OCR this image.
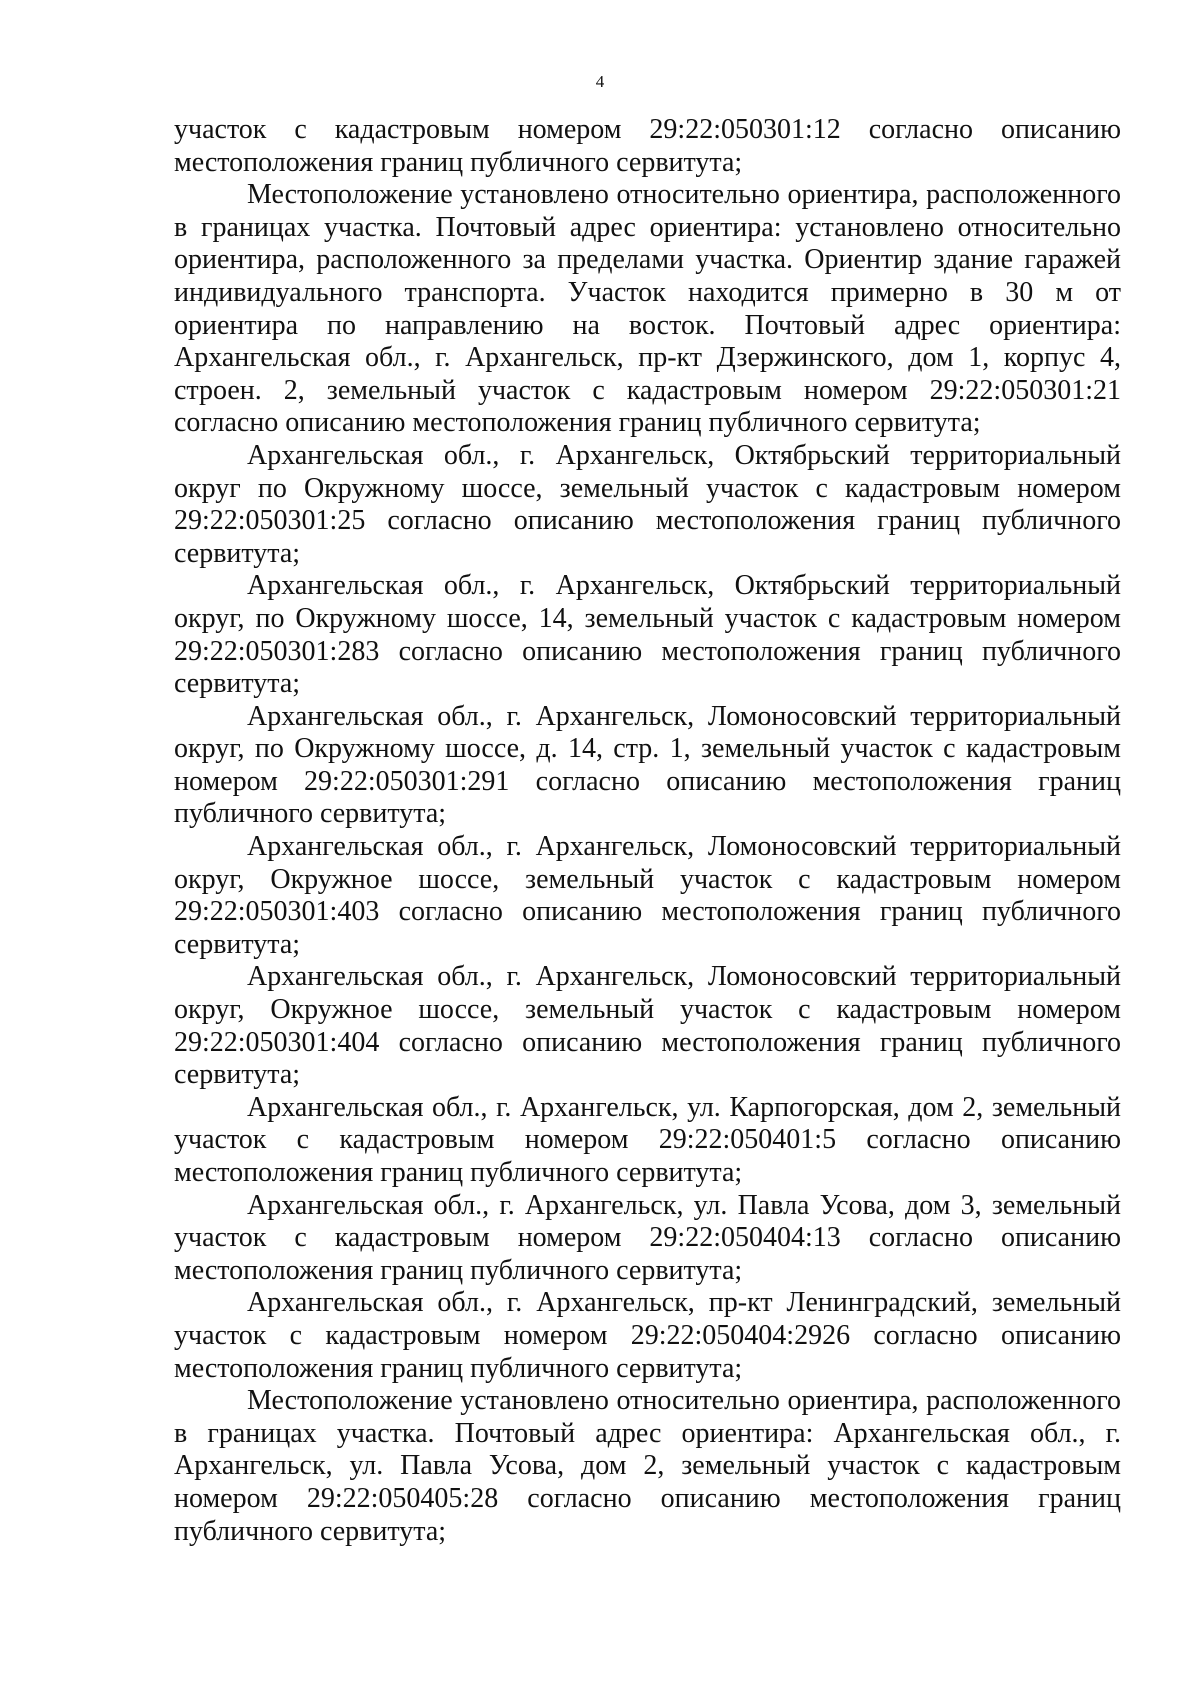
4

участок с кадастровым номером 29:22:050301:12 согласно описанию местоположения границ публичного сервитута;

Местоположение установлено относительно ориентира, расположенного в границах участка. Почтовый адрес ориентира: установлено относительно ориентира, расположенного за пределами участка. Ориентир здание гаражей индивидуального транспорта. Участок находится примерно в 30 м от ориентира по направлению на восток. Почтовый адрес ориентира: Архангельская обл., г. Архангельск, пр-кт Дзержинского, дом 1, корпус 4, строен. 2, земельный участок с кадастровым номером 29:22:050301:21 согласно описанию местоположения границ публичного сервитута;

Архангельская обл., г. Архангельск, Октябрьский территориальный округ по Окружному шоссе, земельный участок с кадастровым номером 29:22:050301:25 согласно описанию местоположения границ публичного сервитута;

Архангельская обл., г. Архангельск, Октябрьский территориальный округ, по Окружному шоссе, 14, земельный участок с кадастровым номером 29:22:050301:283 согласно описанию местоположения границ публичного сервитута;

Архангельская обл., г. Архангельск, Ломоносовский территориальный округ, по Окружному шоссе, д. 14, стр. 1, земельный участок с кадастровым номером 29:22:050301:291 согласно описанию местоположения границ публичного сервитута;

Архангельская обл., г. Архангельск, Ломоносовский территориальный округ, Окружное шоссе, земельный участок с кадастровым номером 29:22:050301:403 согласно описанию местоположения границ публичного сервитута;

Архангельская обл., г. Архангельск, Ломоносовский территориальный округ, Окружное шоссе, земельный участок с кадастровым номером 29:22:050301:404 согласно описанию местоположения границ публичного сервитута;

Архангельская обл., г. Архангельск, ул. Карпогорская, дом 2, земельный участок с кадастровым номером 29:22:050401:5 согласно описанию местоположения границ публичного сервитута;

Архангельская обл., г. Архангельск, ул. Павла Усова, дом 3, земельный участок с кадастровым номером 29:22:050404:13 согласно описанию местоположения границ публичного сервитута;

Архангельская обл., г. Архангельск, пр-кт Ленинградский, земельный участок с кадастровым номером 29:22:050404:2926 согласно описанию местоположения границ публичного сервитута;

Местоположение установлено относительно ориентира, расположенного в границах участка. Почтовый адрес ориентира: Архангельская обл., г. Архангельск, ул. Павла Усова, дом 2, земельный участок с кадастровым номером 29:22:050405:28 согласно описанию местоположения границ публичного сервитута;
